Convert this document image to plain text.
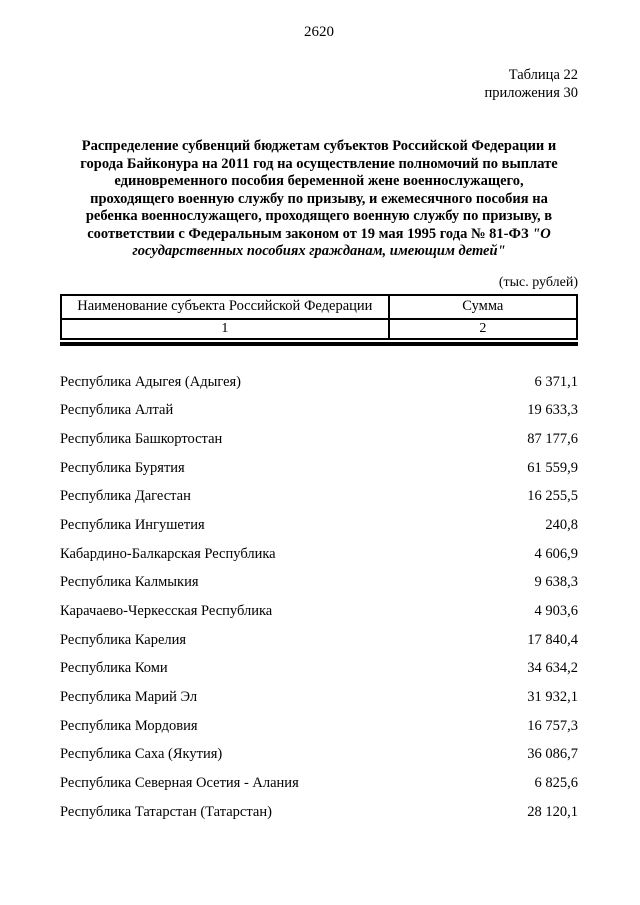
2620
Таблица 22
приложения 30
Распределение субвенций бюджетам субъектов Российской Федерации и города Байконура на 2011 год на осуществление полномочий по выплате единовременного пособия беременной жене военнослужащего, проходящего военную службу по призыву, и ежемесячного пособия на ребенка военнослужащего, проходящего военную службу по призыву, в соответствии с Федеральным законом от 19 мая 1995 года № 81-ФЗ "О государственных пособиях гражданам, имеющим детей"
(тыс. рублей)
Наименование субъекта Российской Федерации	Сумма
1	2
Республика Адыгея (Адыгея)	6 371,1
Республика Алтай	19 633,3
Республика Башкортостан	87 177,6
Республика Бурятия	61 559,9
Республика Дагестан	16 255,5
Республика Ингушетия	240,8
Кабардино-Балкарская Республика	4 606,9
Республика Калмыкия	9 638,3
Карачаево-Черкесская Республика	4 903,6
Республика Карелия	17 840,4
Республика Коми	34 634,2
Республика Марий Эл	31 932,1
Республика Мордовия	16 757,3
Республика Саха (Якутия)	36 086,7
Республика Северная Осетия - Алания	6 825,6
Республика Татарстан (Татарстан)	28 120,1
